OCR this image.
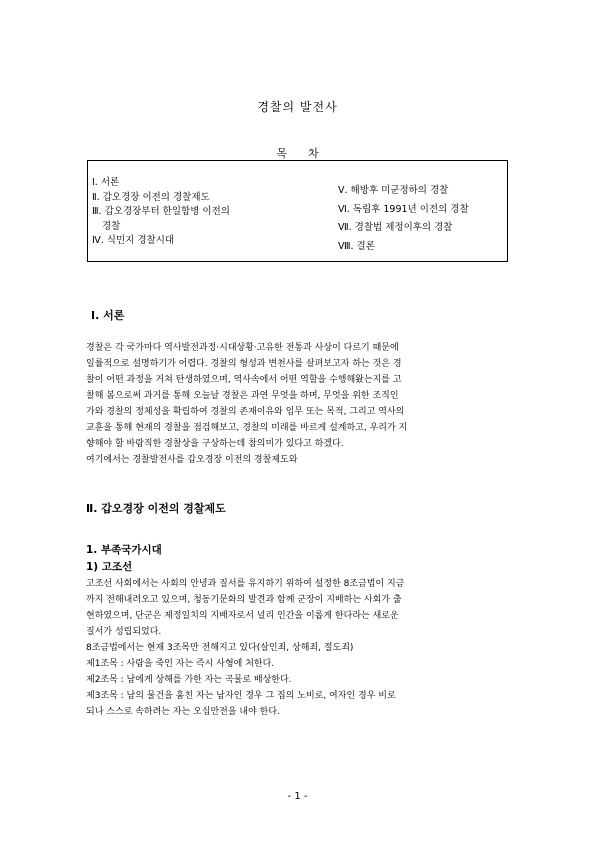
경찰의 발전사
목      차
Ⅰ. 서론
Ⅱ. 갑오경장 이전의 경찰제도
Ⅲ. 갑오경장부터 한일합병 이전의
경찰
Ⅳ. 식민지 경찰시대
Ⅴ. 해방후 미군정하의 경찰
Ⅵ. 독립후 1991년 이전의 경찰
Ⅶ. 경찰법 제정이후의 경찰
Ⅷ. 결론
Ⅰ. 서론

경찰은 각 국가마다 역사발전과정·시대상황·고유한 전통과 사상이 다르기 때문에

일률적으로 설명하기가 어렵다. 경찰의 형성과 변천사를 살펴보고자 하는 것은 경

찰이 어떤 과정을 거쳐 탄생하였으며, 역사속에서 어떤 역할을 수행해왔는지를 고

찰해 봄으로써 과거를 통해 오늘날 경찰은 과연 무엇을 하며, 무엇을 위한 조직인

가와 경찰의 정체성을 확립하여 경찰의 존재이유와 임무 또는 목적, 그리고 역사의

교훈을 통해 현재의 경찰을 점검해보고, 경찰의 미래를 바르게 설계하고, 우리가 지

향해야 할 바람직한 경찰상을 구상하는데 참의미가 있다고 하겠다.

여기에서는 경찰발전사를 갑오경장 이전의 경찰제도와

Ⅱ. 갑오경장 이전의 경찰제도
1. 부족국가시대
1) 고조선

고조선 사회에서는 사회의 안녕과 질서를 유지하기 위하여 설정한 8조금법이 지금

까지 전해내려오고 있으며, 청동기문화의 발견과 함께 군장이 지배하는 사회가 출

현하였으며, 단군은 제정일치의 지배자로서 널리 인간을 이롭게 한다라는 새로운

질서가 성립되었다.

8조금법에서는 현재 3조목만 전해지고 있다(살인죄, 상해죄, 절도죄)

제1조목 : 사람을 죽인 자는 즉시 사형에 처한다.

제2조목 : 남에게 상해를 가한 자는 곡물로 배상한다.

제3조목 : 남의 물건을 훔친 자는 남자인 경우 그 집의 노비로, 여자인 경우 비로

되나 스스로 속하려는 자는 오십만전을 내야 한다.

- 1 -
